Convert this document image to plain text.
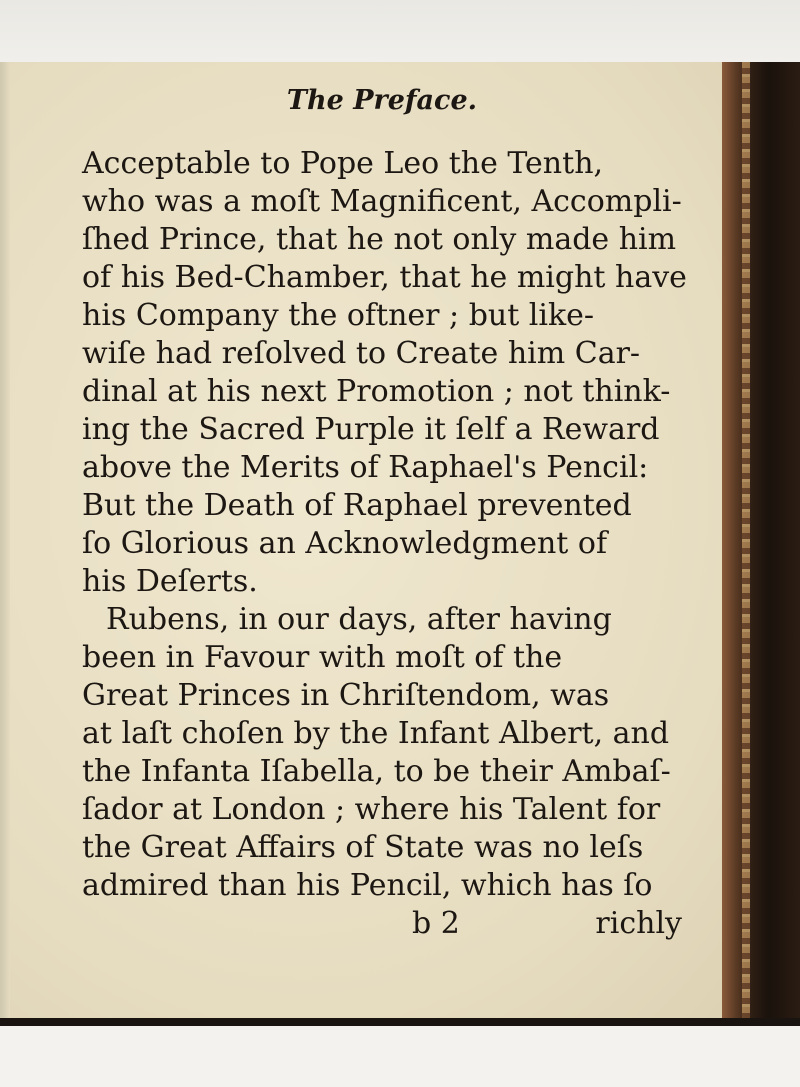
The Preface.
Acceptable to Pope Leo the Tenth,
who was a moſt Magnificent, Accompli-
ſhed Prince, that he not only made him
of his Bed-Chamber, that he might have
his Company the oftner ; but like-
wiſe had reſolved to Create him Car-
dinal at his next Promotion ; not think-
ing the Sacred Purple it ſelf a Reward
above the Merits of Raphael's Pencil:
But the Death of Raphael prevented
ſo Glorious an Acknowledgment of
his Deſerts.
Rubens, in our days, after having
been in Favour with moſt of the
Great Princes in Chriſtendom, was
at laſt choſen by the Infant Albert, and
the Infanta Iſabella, to be their Ambaſ-
ſador at London ; where his Talent for
the Great Affairs of State was no leſs
admired than his Pencil, which has ſo
b 2	richly
